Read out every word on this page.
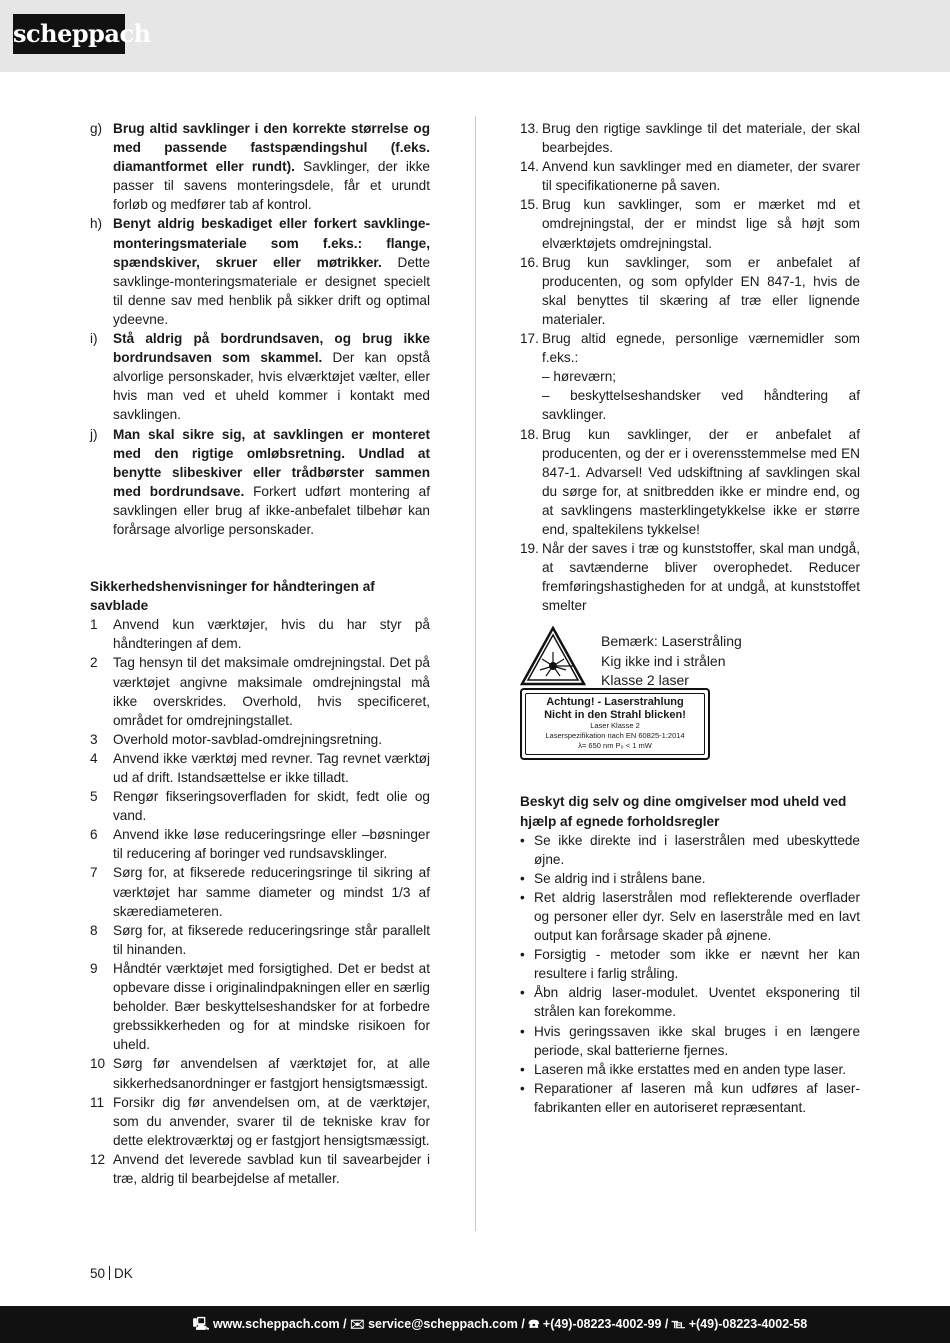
scheppach
g) Brug altid savklinger i den korrekte størrelse og med passende fastspændingshul (f.eks. diamantformet eller rundt). Savklinger, der ikke passer til savens monteringsdele, får et urundt forløb og medfører tab af kontrol.
h) Benyt aldrig beskadiget eller forkert savklinge-monteringsmateriale som f.eks.: flange, spændskiver, skruer eller møtrikker. Dette savklinge-monteringsmateriale er designet specielt til denne sav med henblik på sikker drift og optimal ydeevne.
i)	Stå aldrig på bordrundsaven, og brug ikke bordrundsaven som skammel. Der kan opstå alvorlige personskader, hvis elværktøjet vælter, eller hvis man ved et uheld kommer i kontakt med savklingen.
j)	Man skal sikre sig, at savklingen er monteret med den rigtige omløbsretning. Undlad at benytte slibeskiver eller trådbørster sammen med bordrundsave. Forkert udført montering af savklingen eller brug af ikke-anbefalet tilbehør kan forårsage alvorlige personskader.
Sikkerhedshenvisninger for håndteringen af savblade
1	Anvend kun værktøjer, hvis du har styr på håndteringen af dem.
2	Tag hensyn til det maksimale omdrejningstal. Det på værktøjet angivne maksimale omdrejningstal må ikke overskrides. Overhold, hvis specificeret, området for omdrejningstallet.
3	Overhold motor-savblad-omdrejningsretning.
4	Anvend ikke værktøj med revner. Tag revnet værktøj ud af drift. Istandsættelse er ikke tilladt.
5	Rengør fikseringsoverfladen for skidt, fedt olie og vand.
6	Anvend ikke løse reduceringsringe eller –bøsninger til reducering af boringer ved rundsavsklinger.
7	Sørg for, at fikserede reduceringsringe til sikring af værktøjet har samme diameter og mindst 1/3 af skærediameteren.
8	Sørg for, at fikserede reduceringsringe står parallelt til hinanden.
9	Håndtér værktøjet med forsigtighed. Det er bedst at opbevare disse i originalindpakningen eller en særlig beholder. Bær beskyttelseshandsker for at forbedre grebssikkerheden og for at mindske risikoen for uheld.
10 Sørg før anvendelsen af værktøjet for, at alle sikkerhedsanordninger er fastgjort hensigtsmæssigt.
11 Forsikr dig før anvendelsen om, at de værktøjer, som du anvender, svarer til de tekniske krav for dette elektroværktøj og er fastgjort hensigtsmæssigt.
12 Anvend det leverede savblad kun til savearbejder i træ, aldrig til bearbejdelse af metaller.
13. Brug den rigtige savklinge til det materiale, der skal bearbejdes.
14. Anvend kun savklinger med en diameter, der svarer til specifikationerne på saven.
15. Brug kun savklinger, som er mærket md et omdrejningstal, der er mindst lige så højt som elværktøjets omdrejningstal.
16. Brug kun savklinger, som er anbefalet af producenten, og som opfylder EN 847-1, hvis de skal benyttes til skæring af træ eller lignende materialer.
17. Brug altid egnede, personlige værnemidler som f.eks.:
– høreværn;
– beskyttelseshandsker ved håndtering af savklinger.
18. Brug kun savklinger, der er anbefalet af producenten, og der er i overensstemmelse med EN 847-1. Advarsel! Ved udskiftning af savklingen skal du sørge for, at snitbredden ikke er mindre end, og at savklingens masterklingetykkelse ikke er større end, spaltekilens tykkelse!
19. Når der saves i træ og kunststoffer, skal man undgå, at savtænderne bliver overophedet. Reducer fremføringshastigheden for at undgå, at kunststoffet smelter
Bemærk: Laserstråling
Kig ikke ind i strålen
Klasse 2 laser
Achtung! - Laserstrahlung
Nicht in den Strahl blicken!
Laser Klasse 2
Laserspezifikation nach EN 60825-1:2014
λ= 650 nm P₀ < 1 mW
Beskyt dig selv og dine omgivelser mod uheld ved hjælp af egnede forholdsregler
• Se ikke direkte ind i laserstrålen med ubeskyttede øjne.
• Se aldrig ind i strålens bane.
• Ret aldrig laserstrålen mod reflekterende overflader og personer eller dyr. Selv en laserstråle med en lavt output kan forårsage skader på øjnene.
• Forsigtig - metoder som ikke er nævnt her kan resultere i farlig stråling.
• Åbn aldrig laser-modulet. Uventet eksponering til strålen kan forekomme.
• Hvis geringssaven ikke skal bruges i en længere periode, skal batterierne fjernes.
• Laseren må ikke erstattes med en anden type laser.
• Reparationer af laseren må kun udføres af laser-fabrikanten eller en autoriseret repræsentant.
50 DK
🖳 www.scheppach.com / ✉ service@scheppach.com / ☎ +(49)-08223-4002-99 / ℡ +(49)-08223-4002-58
